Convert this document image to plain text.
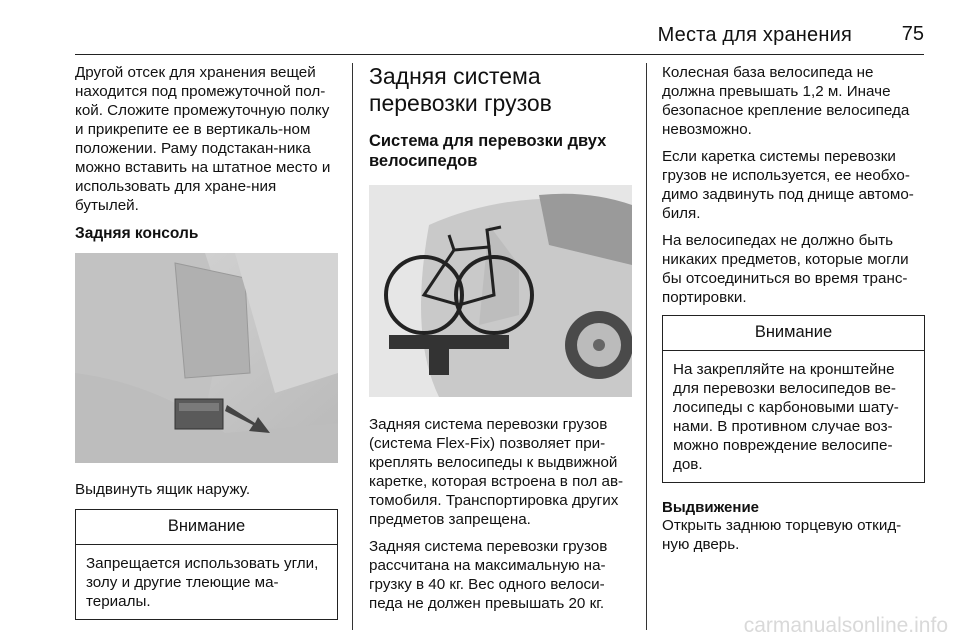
Места для хранения 75

Другой отсек для хранения вещей находится под промежуточной пол-кой. Сложите промежуточную полку и прикрепите ее в вертикаль-ном положении. Раму подстакан-ника можно вставить на штатное место и использовать для хране-ния бутылей.

Задняя консоль

Выдвинуть ящик наружу.

Внимание
Запрещается использовать угли, золу и другие тлеющие ма-териалы.
Задняя система перевозки грузов
Система для перевозки двух велосипедов

Задняя система перевозки грузов (система Flex-Fix) позволяет при-креплять велосипеды к выдвижной каретке, которая встроена в пол ав-томобиля. Транспортировка других предметов запрещена.

Задняя система перевозки грузов рассчитана на максимальную на-грузку в 40 кг. Вес одного велоси-педа не должен превышать 20 кг.

Колесная база велосипеда не должна превышать 1,2 м. Иначе безопасное крепление велосипеда невозможно.

Если каретка системы перевозки грузов не используется, ее необхо-димо задвинуть под днище автомо-биля.

На велосипедах не должно быть никаких предметов, которые могли бы отсоединиться во время транс-портировки.

Внимание
На закрепляйте на кронштейне для перевозки велосипедов ве-лосипеды с карбоновыми шату-нами. В противном случае воз-можно повреждение велосипе-дов.
Выдвижение

Открыть заднюю торцевую откид-ную дверь.

carmanualsonline.info
